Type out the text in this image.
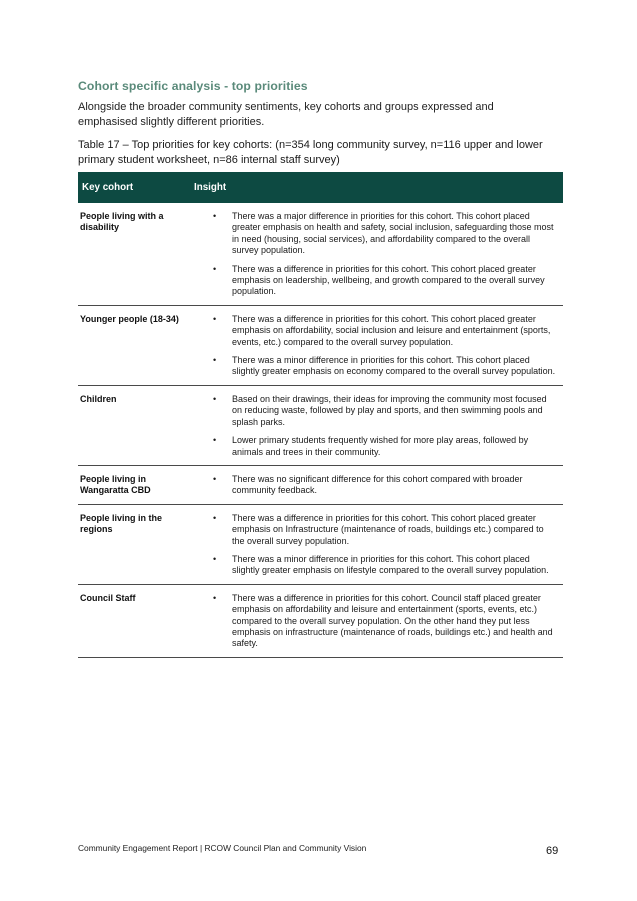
Cohort specific analysis - top priorities

Alongside the broader community sentiments, key cohorts and groups expressed and emphasised slightly different priorities.

Table 17 – Top priorities for key cohorts: (n=354 long community survey, n=116 upper and lower primary student worksheet, n=86 internal staff survey)

Key cohort	Insight
People living with a disability
•	There was a major difference in priorities for this cohort. This cohort placed greater emphasis on health and safety, social inclusion, safeguarding those most in need (housing, social services), and affordability compared to the overall survey population.
•	There was a difference in priorities for this cohort. This cohort placed greater emphasis on leadership, wellbeing, and growth compared to the overall survey population.
Younger people (18-34)	•	There was a difference in priorities for this cohort. This cohort placed greater emphasis on affordability, social inclusion and leisure and entertainment (sports, events, etc.) compared to the overall survey population.
•	There was a minor difference in priorities for this cohort. This cohort placed slightly greater emphasis on economy compared to the overall survey population.
Children	•	Based on their drawings, their ideas for improving the community most focused on reducing waste, followed by play and sports, and then swimming pools and splash parks.
•	Lower primary students frequently wished for more play areas, followed by animals and trees in their community.
People living in Wangaratta CBD
•	There was no significant difference for this cohort compared with broader community feedback.
People living in the regions
•	There was a difference in priorities for this cohort. This cohort placed greater emphasis on Infrastructure (maintenance of roads, buildings etc.) compared to the overall survey population.
•	There was a minor difference in priorities for this cohort. This cohort placed slightly greater emphasis on lifestyle compared to the overall survey population.
Council Staff	•	There was a difference in priorities for this cohort. Council staff placed greater emphasis on affordability and leisure and entertainment (sports, events, etc.) compared to the overall survey population. On the other hand they put less emphasis on infrastructure (maintenance of roads, buildings etc.) and health and safety.
Community Engagement Report | RCOW Council Plan and Community Vision	69
